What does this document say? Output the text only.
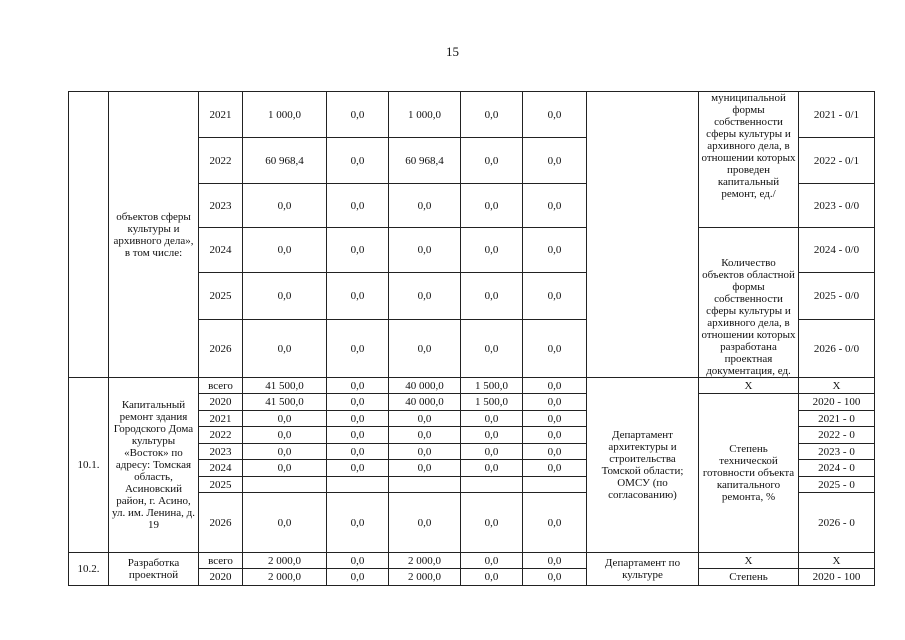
15
	объектов сферы культуры и архивного дела», в том числе:	2021	1 000,0	0,0	1 000,0	0,0	0,0		муниципальной формы собственности сферы культуры и архивного дела, в отношении которых проведен капитальный ремонт, ед./	2021 - 0/1
		2022	60 968,4	0,0	60 968,4	0,0	0,0			2022 - 0/1
		2023	0,0	0,0	0,0	0,0	0,0			2023 - 0/0
		2024	0,0	0,0	0,0	0,0	0,0		Количество объектов областной формы собственности сферы культуры и архивного дела, в отношении которых разработана проектная документация, ед.	2024 - 0/0
		2025	0,0	0,0	0,0	0,0	0,0			2025 - 0/0
		2026	0,0	0,0	0,0	0,0	0,0			2026 - 0/0
10.1.	Капитальный ремонт здания Городского Дома культуры «Восток» по адресу: Томская область, Асиновский район, г. Асино, ул. им. Ленина, д. 19	всего	41 500,0	0,0	40 000,0	1 500,0	0,0	Департамент архитектуры и строительства Томской области; ОМСУ (по согласованию)	X	X
		2020	41 500,0	0,0	40 000,0	1 500,0	0,0		Степень технической готовности объекта капитального ремонта, %	2020 - 100
		2021	0,0	0,0	0,0	0,0	0,0			2021 - 0
		2022	0,0	0,0	0,0	0,0	0,0			2022 - 0
		2023	0,0	0,0	0,0	0,0	0,0			2023 - 0
		2024	0,0	0,0	0,0	0,0	0,0			2024 - 0
		2025								2025 - 0
		2026	0,0	0,0	0,0	0,0	0,0			2026 - 0
10.2.	Разработка проектной	всего	2 000,0	0,0	2 000,0	0,0	0,0	Департамент по культуре	X	X
		2020	2 000,0	0,0	2 000,0	0,0	0,0		Степень	2020 - 100
